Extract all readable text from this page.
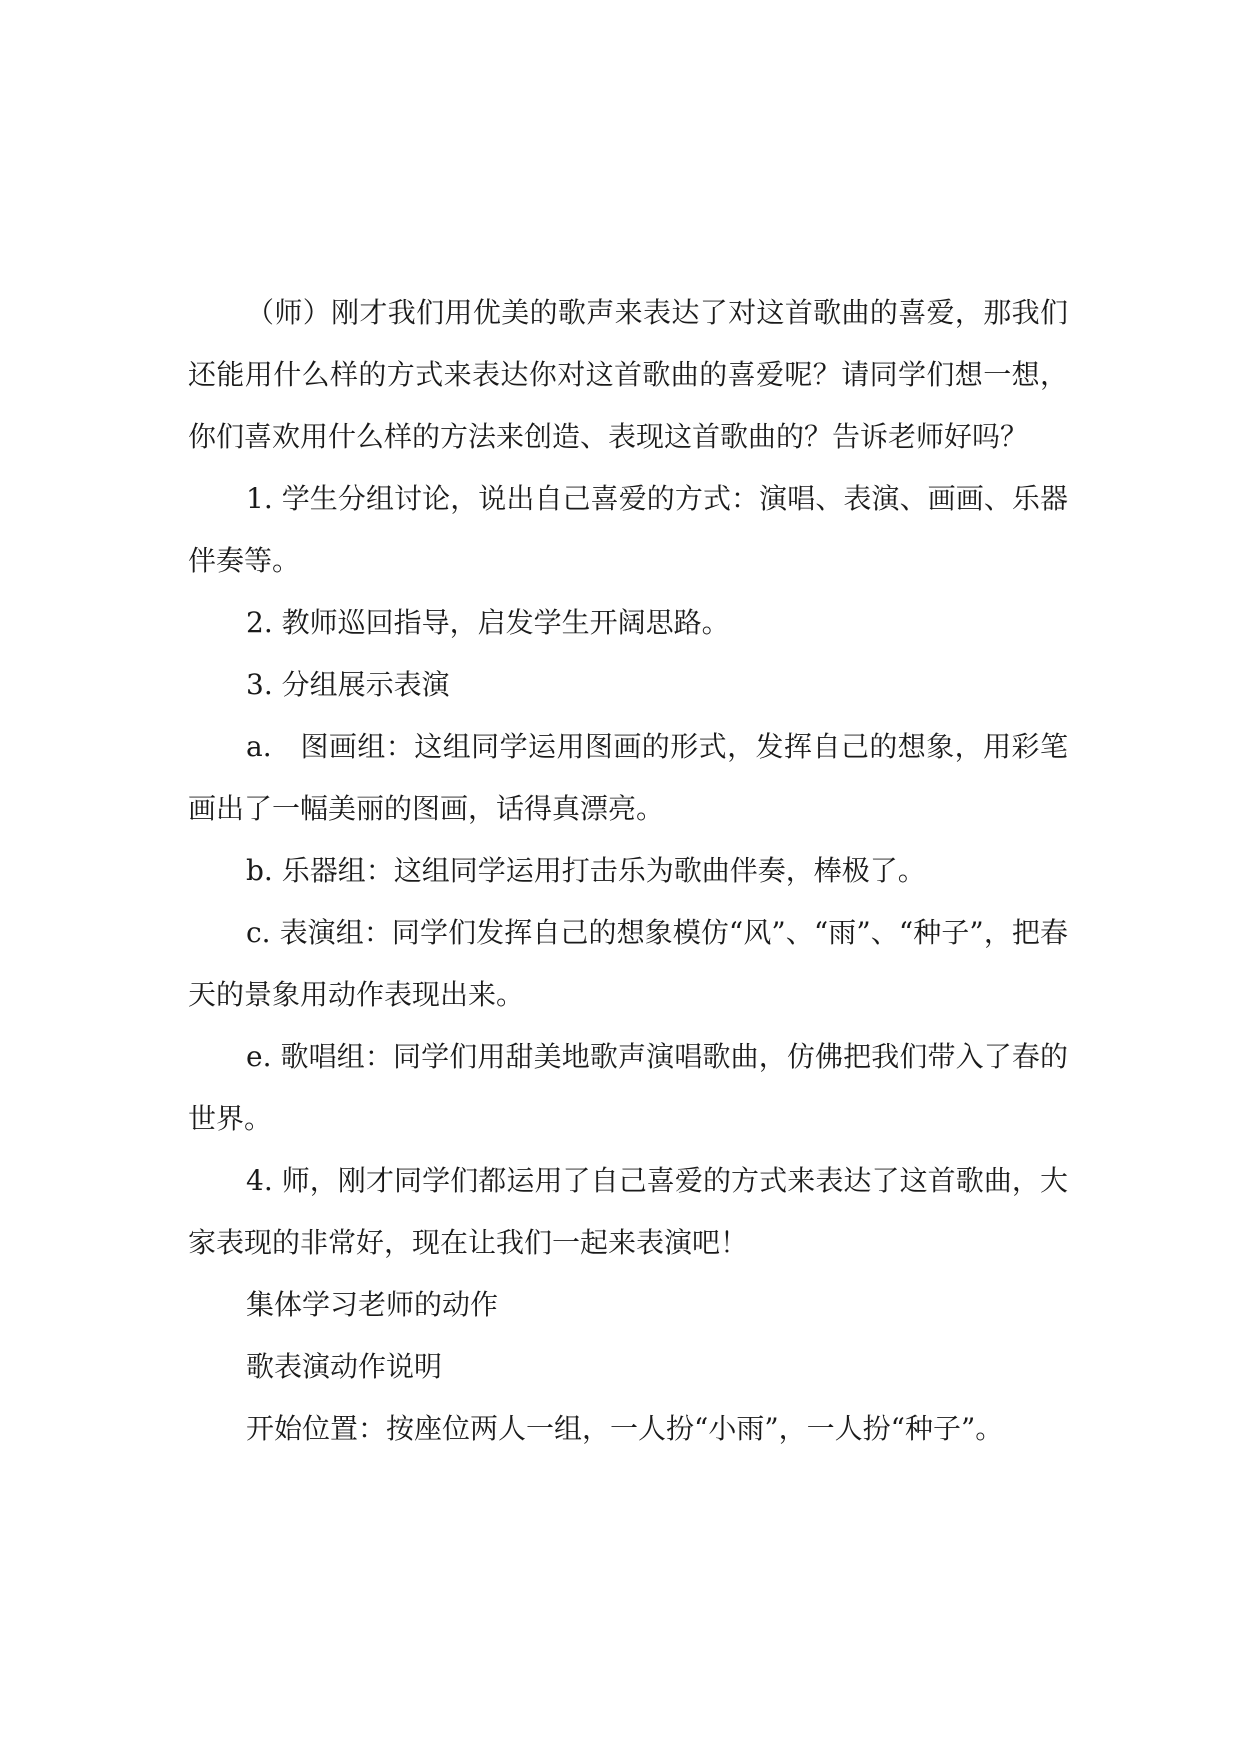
（师）刚才我们用优美的歌声来表达了对这首歌曲的喜爱，那我们还能用什么样的方式来表达你对这首歌曲的喜爱呢？请同学们想一想，你们喜欢用什么样的方法来创造、表现这首歌曲的？告诉老师好吗？

1. 学生分组讨论，说出自己喜爱的方式：演唱、表演、画画、乐器伴奏等。

2. 教师巡回指导，启发学生开阔思路。

3. 分组展示表演

a.　图画组：这组同学运用图画的形式，发挥自己的想象，用彩笔画出了一幅美丽的图画，话得真漂亮。

b. 乐器组：这组同学运用打击乐为歌曲伴奏，棒极了。

c. 表演组：同学们发挥自己的想象模仿“风”、“雨”、“种子”，把春天的景象用动作表现出来。

e. 歌唱组：同学们用甜美地歌声演唱歌曲，仿佛把我们带入了春的世界。

4. 师，刚才同学们都运用了自己喜爱的方式来表达了这首歌曲，大家表现的非常好，现在让我们一起来表演吧！

集体学习老师的动作

歌表演动作说明

开始位置：按座位两人一组，一人扮“小雨”，一人扮“种子”。
